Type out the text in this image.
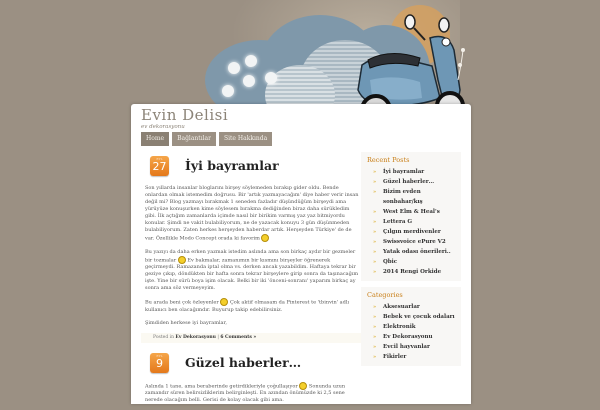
Evin Delisi
ev dekorasyonu
Home	Bağlantılar	Site Hakkında
EYL
27 İyi bayramlar

Son yıllarda insanlar bloglarını birşey söylemeden bırakıp gider oldu. Bende onlardan olmak istemedim doğrusu. Bir 'artık yazmayacağım' diye haber verir insan değil mi? Blog yazmayı bırakmak 1 seneden fazladır düşündüğüm birşeydi ama yürüyüze konuşurken kime söylesem bırakma dediğinden biraz daha sürükledim gibi. İlk açtığım zamanlarda içimde nasıl bir birikim varmış yaz yaz bitmiyordu konular. Şimdi ne vakit bulabiliyorum, ne de yazacak konuyu 3 gün düşünmeden bulabiliyorum. Zaten herkes herşeyden haberdar artık. Herşeyden Türkiye' de de var. Özellikle Modo Concept orada ki favorim

Bu yazıyı da daha erken yazmak istedim aslında ama son birkaç aydır bir gezmeler bir tozmalar Ev bakmalar, zamanımın bir kısmını birşeyler öğrenerek geçirmeydi. Ramazanda iptal olma vs. derken ancak yazabildim. Haftaya tekrar bir geziye çıkıp, döndükten bir hafta sonra tekrar birşeylere girip sonra da taşınacağım işte. Yine bir sürü boya işim olacak. Belki bir iki 'önceni-sonranı' yaparım birkaç ay sonra ama söz vermeyeyim.

Bu arada beni çok özleyenler Çok aktif olmasam da Pinterest te 'tbinvin' adlı kullanıcı ben olacağımdır. Buyurup takip edebilirsiniz.

Şimdiden herkese iyi bayramlar,

Posted in Ev Dekorasyonu | 6 Comments »
EYL
9	Güzel haberler…

Aslında 1 tane, ama beraberinde getirdikleriyle çoğullaşıyor Sonunda uzun zamandır süren belirsizliklerim belirginleşti. En azından önümüzde ki 2,5 sene nerede olacağım belli. Gerisi de kolay olacak gibi ama.

Recent Posts
» İyi bayramlar
» Güzel haberler…
» Bizim evden sonbahar/kış
» West Elm & Heal's
» Lettera G
» Çılgın merdivenler
» Swissvoice ePure V2
» Yatak odası önerileri..
» Qbic
» 2014 Rengi Orkide
Categories
» Aksesuarlar
» Bebek ve çocuk odaları
» Elektronik
» Ev Dekorasyonu
» Evcil hayvanlar
» Fikirler
